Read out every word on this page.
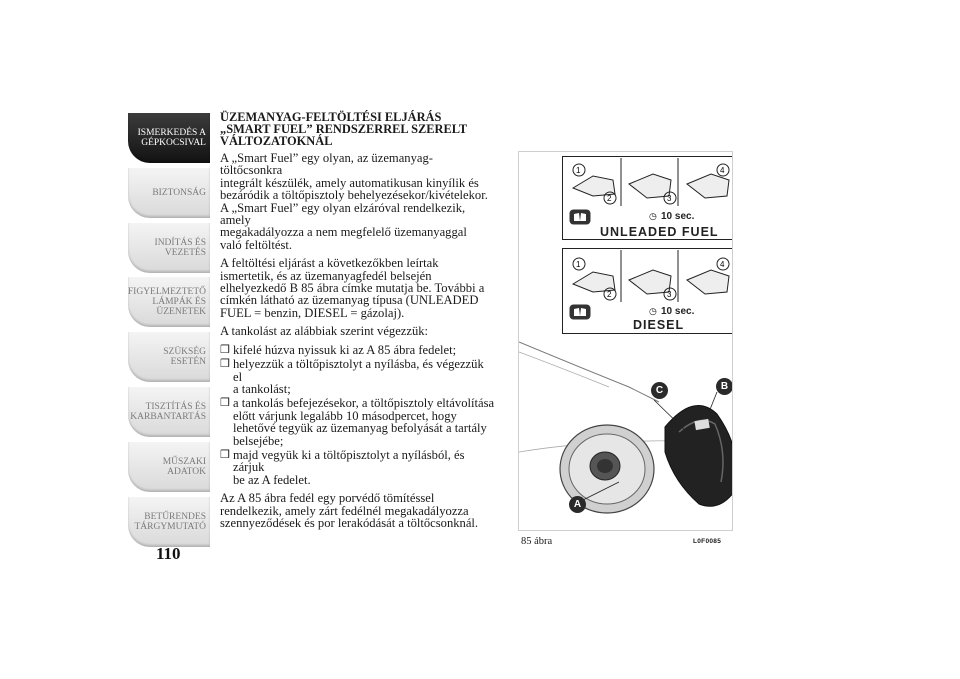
ISMERKEDÉS A
GÉPKOCSIVAL
BIZTONSÁG
INDÍTÁS ÉS
VEZETÉS
FIGYELMEZTETŐ
LÁMPÁK ÉS
ÜZENETEK
SZÜKSÉG ESETÉN
TISZTÍTÁS ÉS
KARBANTARTÁS
MŰSZAKI ADATOK
BETŰRENDES
TÁRGYMUTATÓ
110
ÜZEMANYAG-FELTÖLTÉSI ELJÁRÁS
„SMART FUEL” RENDSZERREL SZERELT
VÁLTOZATOKNÁL

A „Smart Fuel” egy olyan, az üzemanyag-töltőcsonkra
integrált készülék, amely automatikusan kinyílik és
bezáródik a töltőpisztoly behelyezésekor/kivételekor.
A „Smart Fuel” egy olyan elzáróval rendelkezik, amely
megakadályozza a nem megfelelő üzemanyaggal
való feltöltést.

A feltöltési eljárást a következőkben leírtak
ismertetik, és az üzemanyagfedél belsején
elhelyezkedő B 85 ábra címke mutatja be. További a
címkén látható az üzemanyag típusa (UNLEADED
FUEL = benzin, DIESEL = gázolaj).

A tankolást az alábbiak szerint végezzük:

❒ kifelé húzva nyissuk ki az A 85 ábra fedelet;
❒ helyezzük a töltőpisztolyt a nyílásba, és végezzük el
a tankolást;
❒ a tankolás befejezésekor, a töltőpisztoly eltávolítása
előtt várjunk legalább 10 másodpercet, hogy
lehetővé tegyük az üzemanyag befolyását a tartály
belsejébe;
❒ majd vegyük ki a töltőpisztolyt a nyílásból, és zárjuk
be az A fedelet.

Az A 85 ábra fedél egy porvédő tömítéssel
rendelkezik, amely zárt fedélnél megakadályozza
szennyeződések és por lerakódását a töltőcsonknál.

1
2	3
4
◷ 10 sec.
UNLEADED FUEL
1
2	3
4
◷ 10 sec.
DIESEL
C	B
A
85 ábra	L0F0085
